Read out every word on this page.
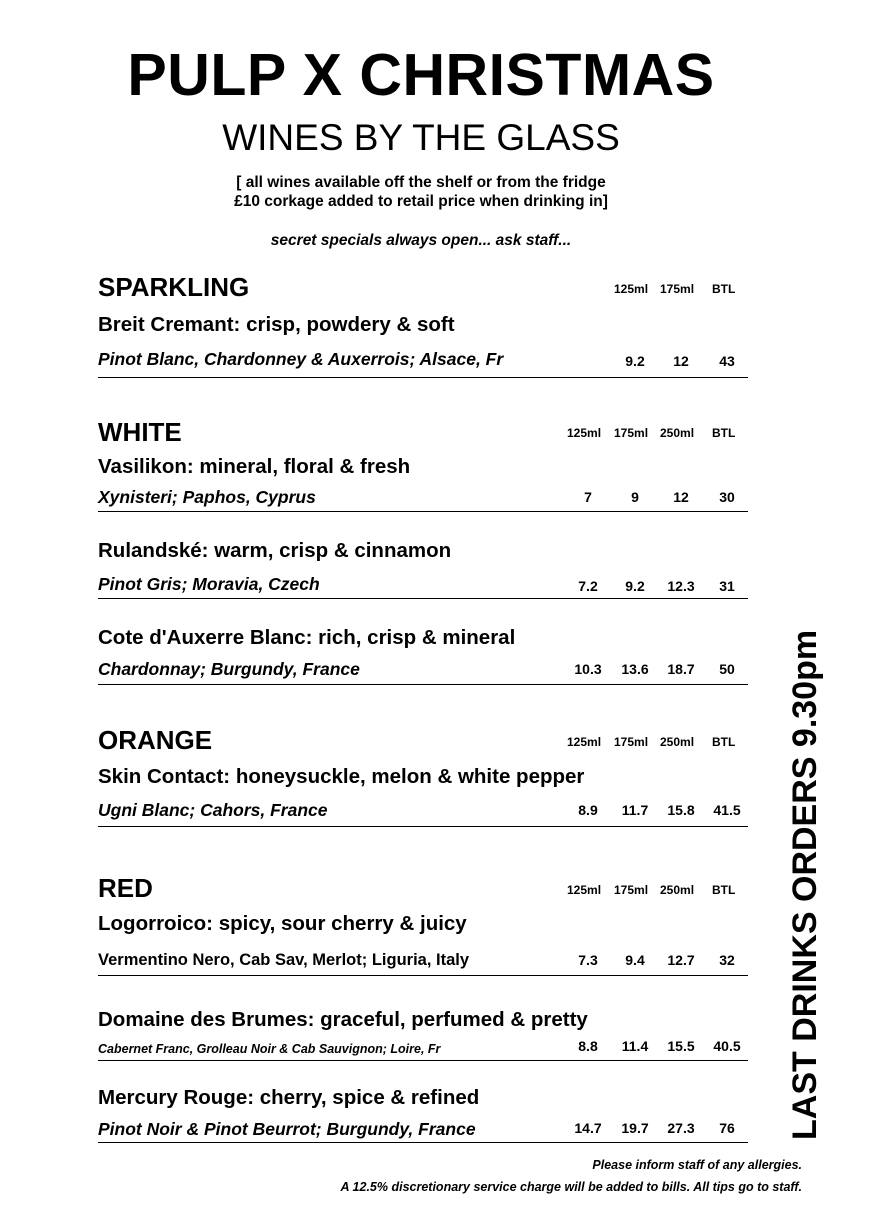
PULP X CHRISTMAS
WINES BY THE GLASS
[ all wines available off the shelf or from the fridge
£10 corkage added to retail price when drinking in]
secret specials always open... ask staff...
SPARKLING	125ml 175ml BTL
Breit Cremant: crisp, powdery & soft
Pinot Blanc, Chardonney & Auxerrois; Alsace, Fr	9.2	12	43
WHITE	125ml 175ml 250ml BTL
Vasilikon: mineral, floral & fresh
Xynisteri; Paphos, Cyprus	7	9	12	30
Rulandské: warm, crisp & cinnamon
Pinot Gris; Moravia, Czech	7.2	9.2	12.3	31
Cote d'Auxerre Blanc: rich, crisp & mineral
Chardonnay; Burgundy, France	10.3	13.6	18.7	50
ORANGE	125ml 175ml 250ml BTL
Skin Contact: honeysuckle, melon & white pepper
Ugni Blanc; Cahors, France	8.9	11.7	15.8	41.5
RED	125ml 175ml 250ml BTL
Logorroico: spicy, sour cherry & juicy
Vermentino Nero, Cab Sav, Merlot; Liguria, Italy	7.3	9.4	12.7	32
Domaine des Brumes: graceful, perfumed & pretty
Cabernet Franc, Grolleau Noir & Cab Sauvignon; Loire, Fr	8.8	11.4	15.5	40.5
Mercury Rouge: cherry, spice & refined
Pinot Noir & Pinot Beurrot; Burgundy, France	14.7	19.7	27.3	76	LAST DRINKS ORDERS 9.30pm
Please inform staff of any allergies.
A 12.5% discretionary service charge will be added to bills. All tips go to staff.
